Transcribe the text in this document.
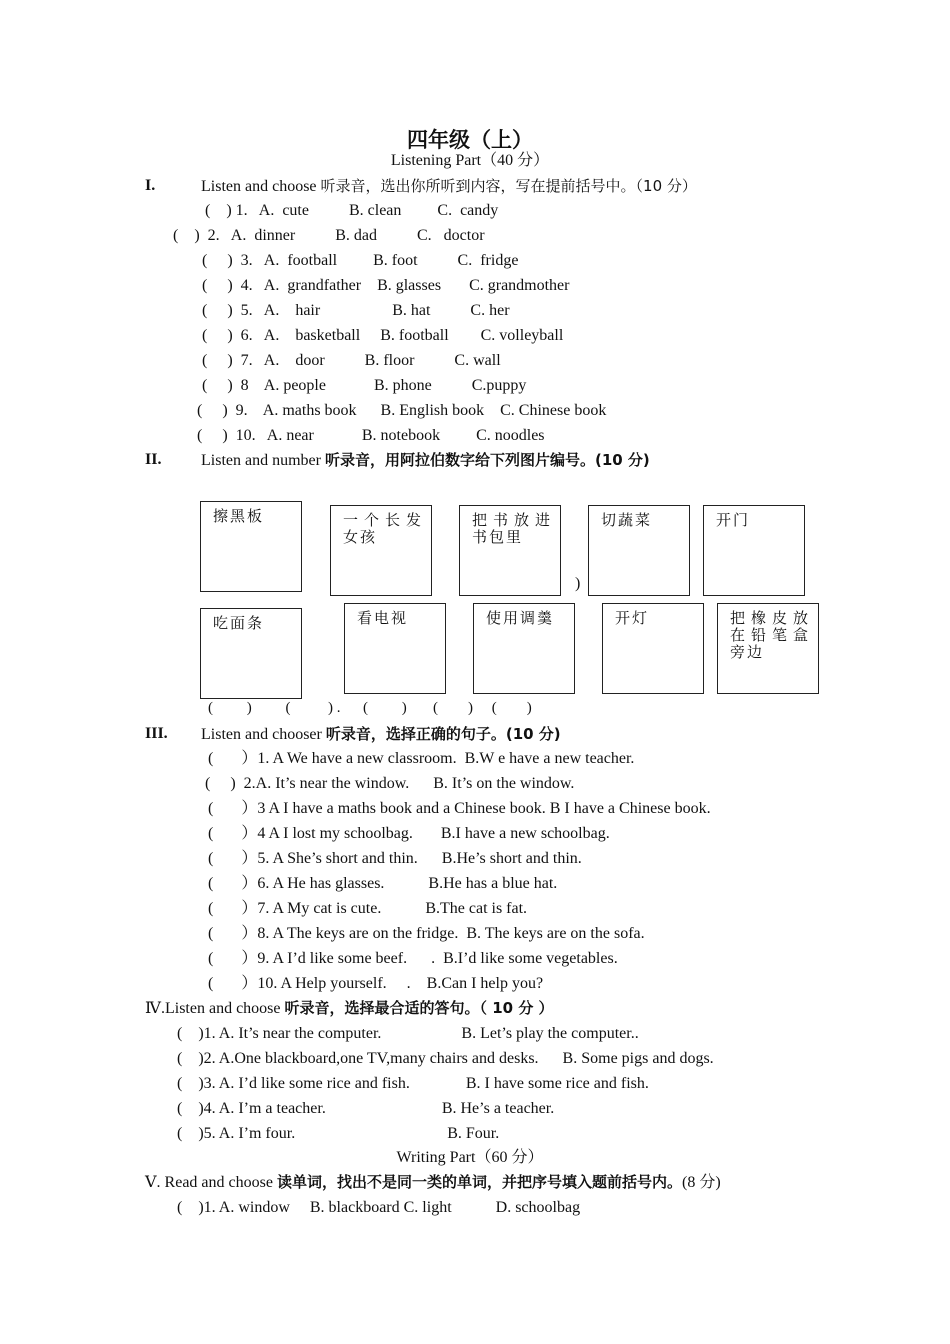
四年级（上）
Listening Part（40 分）
I.	Listen and choose 听录音，选出你所听到内容，写在提前括号中。（10 分）
(    ) 1.   A.  cute          B. clean         C.  candy
(    )  2.   A.  dinner          B. dad          C.   doctor
(     )  3.   A.  football         B. foot          C.  fridge
(     )  4.   A.  grandfather    B. glasses       C. grandmother
(     )  5.   A.    hair                  B. hat          C. her
(     )  6.   A.    basketball     B. football        C. volleyball
(     )  7.   A.    door          B. floor          C. wall
(     )  8    A. people            B. phone          C.puppy
(     )  9.    A. maths book      B. English book    C. Chinese book
(     )  10.   A. near            B. notebook         C. noodles
II. Listen and number 听录音，用阿拉伯数字给下列图片编号。(10 分)
擦黑板	一个长发女孩
把书放进书包里
)
切蔬菜	开门
吃面条	看电视	使用调羹	开灯	把橡皮放在铅笔盒旁边
(         )         (          ) .      (         )       (        )     (        )
III. Listen and chooser 听录音，选择正确的句子。(10 分)
(       ）1. A We have a new classroom.  B.W e have a new teacher.
(     )  2.A. It’s near the window.      B. It’s on the window.
(       ）3 A I have a maths book and a Chinese book. B I have a Chinese book.
(       ）4 A I lost my schoolbag.       B.I have a new schoolbag.
(       ）5. A She’s short and thin.      B.He’s short and thin.
(       ）6. A He has glasses.           B.He has a blue hat.
(       ）7. A My cat is cute.           B.The cat is fat.
(       ）8. A The keys are on the fridge.  B. The keys are on the sofa.
(       ）9. A I’d like some beef.      .  B.I’d like some vegetables.
(       ）10. A Help yourself.     .    B.Can I help you?
Ⅳ.Listen and choose 听录音，选择最合适的答句。（ 10 分 ）
(    )1. A. It’s near the computer.                    B. Let’s play the computer..
(    )2. A.One blackboard,one TV,many chairs and desks.      B. Some pigs and dogs.
(    )3. A. I’d like some rice and fish.              B. I have some rice and fish.
(    )4. A. I’m a teacher.                             B. He’s a teacher.
(    )5. A. I’m four.                                      B. Four.
Writing Part（60 分）
Ⅴ. Read and choose 读单词，找出不是同一类的单词，并把序号填入题前括号内。(8 分)
(    )1. A. window     B. blackboard C. light           D. schoolbag
